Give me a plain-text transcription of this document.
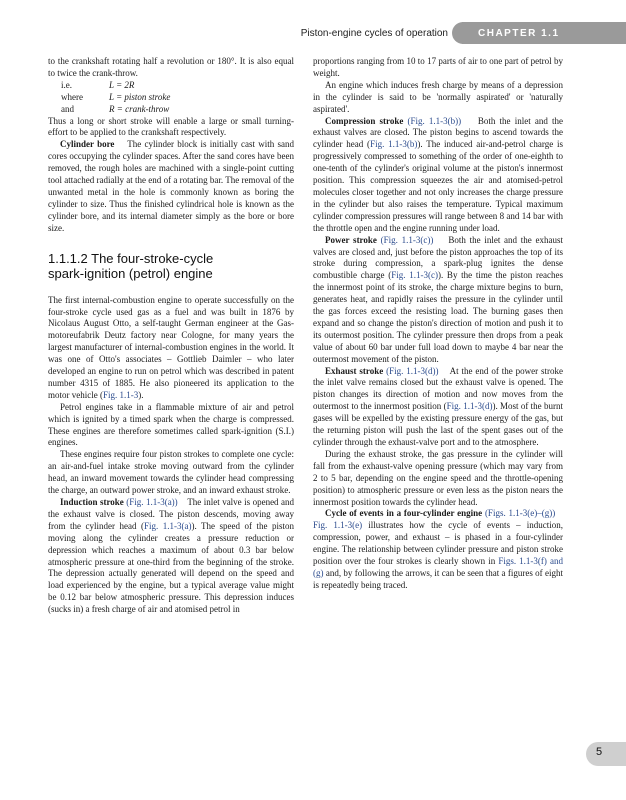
Piston-engine cycles of operation	CHAPTER 1.1

to the crankshaft rotating half a revolution or 180°. It is also equal to twice the crank-throw.

i.e.	L = 2R
where	L = piston stroke
and	R = crank-throw

Thus a long or short stroke will enable a large or small turning-effort to be applied to the crankshaft respectively.

Cylinder bore The cylinder block is initially cast with sand cores occupying the cylinder spaces. After the sand cores have been removed, the rough holes are machined with a single-point cutting tool attached radially at the end of a rotating bar. The removal of the unwanted metal in the hole is commonly known as boring the cylinder to size. Thus the finished cylindrical hole is known as the cylinder bore, and its internal diameter simply as the bore or bore size.

1.1.1.2 The four-stroke-cycle
spark-ignition (petrol) engine

The first internal-combustion engine to operate successfully on the four-stroke cycle used gas as a fuel and was built in 1876 by Nicolaus August Otto, a self-taught German engineer at the Gas-motoreufabrik Deutz factory near Cologne, for many years the largest manufacturer of internal-combustion engines in the world. It was one of Otto's associates – Gottlieb Daimler – who later developed an engine to run on petrol which was described in patent number 4315 of 1885. He also pioneered its application to the motor vehicle (Fig. 1.1-3).

Petrol engines take in a flammable mixture of air and petrol which is ignited by a timed spark when the charge is compressed. These engines are therefore sometimes called spark-ignition (S.I.) engines.

These engines require four piston strokes to complete one cycle: an air-and-fuel intake stroke moving outward from the cylinder head, an inward movement towards the cylinder head compressing the charge, an outward power stroke, and an inward exhaust stroke.

Induction stroke (Fig. 1.1-3(a)) The inlet valve is opened and the exhaust valve is closed. The piston descends, moving away from the cylinder head (Fig. 1.1-3(a)). The speed of the piston moving along the cylinder creates a pressure reduction or depression which reaches a maximum of about 0.3 bar below atmospheric pressure at one-third from the beginning of the stroke. The depression actually generated will depend on the speed and load experienced by the engine, but a typical average value might be 0.12 bar below atmospheric pressure. This depression induces (sucks in) a fresh charge of air and atomised petrol in

proportions ranging from 10 to 17 parts of air to one part of petrol by weight.

An engine which induces fresh charge by means of a depression in the cylinder is said to be 'normally aspirated' or 'naturally aspirated'.

Compression stroke (Fig. 1.1-3(b)) Both the inlet and the exhaust valves are closed. The piston begins to ascend towards the cylinder head (Fig. 1.1-3(b)). The induced air-and-petrol charge is progressively compressed to something of the order of one-eighth to one-tenth of the cylinder's original volume at the piston's innermost position. This compression squeezes the air and atomised-petrol molecules closer together and not only increases the charge pressure in the cylinder but also raises the temperature. Typical maximum cylinder compression pressures will range between 8 and 14 bar with the throttle open and the engine running under load.

Power stroke (Fig. 1.1-3(c)) Both the inlet and the exhaust valves are closed and, just before the piston approaches the top of its stroke during compression, a spark-plug ignites the dense combustible charge (Fig. 1.1-3(c)). By the time the piston reaches the innermost point of its stroke, the charge mixture begins to burn, generates heat, and rapidly raises the pressure in the cylinder until the gas forces exceed the resisting load. The burning gases then expand and so change the piston's direction of motion and push it to its outermost position. The cylinder pressure then drops from a peak value of about 60 bar under full load down to maybe 4 bar near the outermost movement of the piston.

Exhaust stroke (Fig. 1.1-3(d)) At the end of the power stroke the inlet valve remains closed but the exhaust valve is opened. The piston changes its direction of motion and now moves from the outermost to the innermost position (Fig. 1.1-3(d)). Most of the burnt gases will be expelled by the existing pressure energy of the gas, but the returning piston will push the last of the spent gases out of the cylinder through the exhaust-valve port and to the atmosphere.

During the exhaust stroke, the gas pressure in the cylinder will fall from the exhaust-valve opening pressure (which may vary from 2 to 5 bar, depending on the engine speed and the throttle-opening position) to atmospheric pressure or even less as the piston nears the innermost position towards the cylinder head.

Cycle of events in a four-cylinder engine (Figs. 1.1-3(e)–(g))    Fig. 1.1-3(e) illustrates how the cycle of events – induction, compression, power, and exhaust – is phased in a four-cylinder engine. The relationship between cylinder pressure and piston stroke position over the four strokes is clearly shown in Figs. 1.1-3(f) and (g) and, by following the arrows, it can be seen that a figures of eight is repeatedly being traced.

5
